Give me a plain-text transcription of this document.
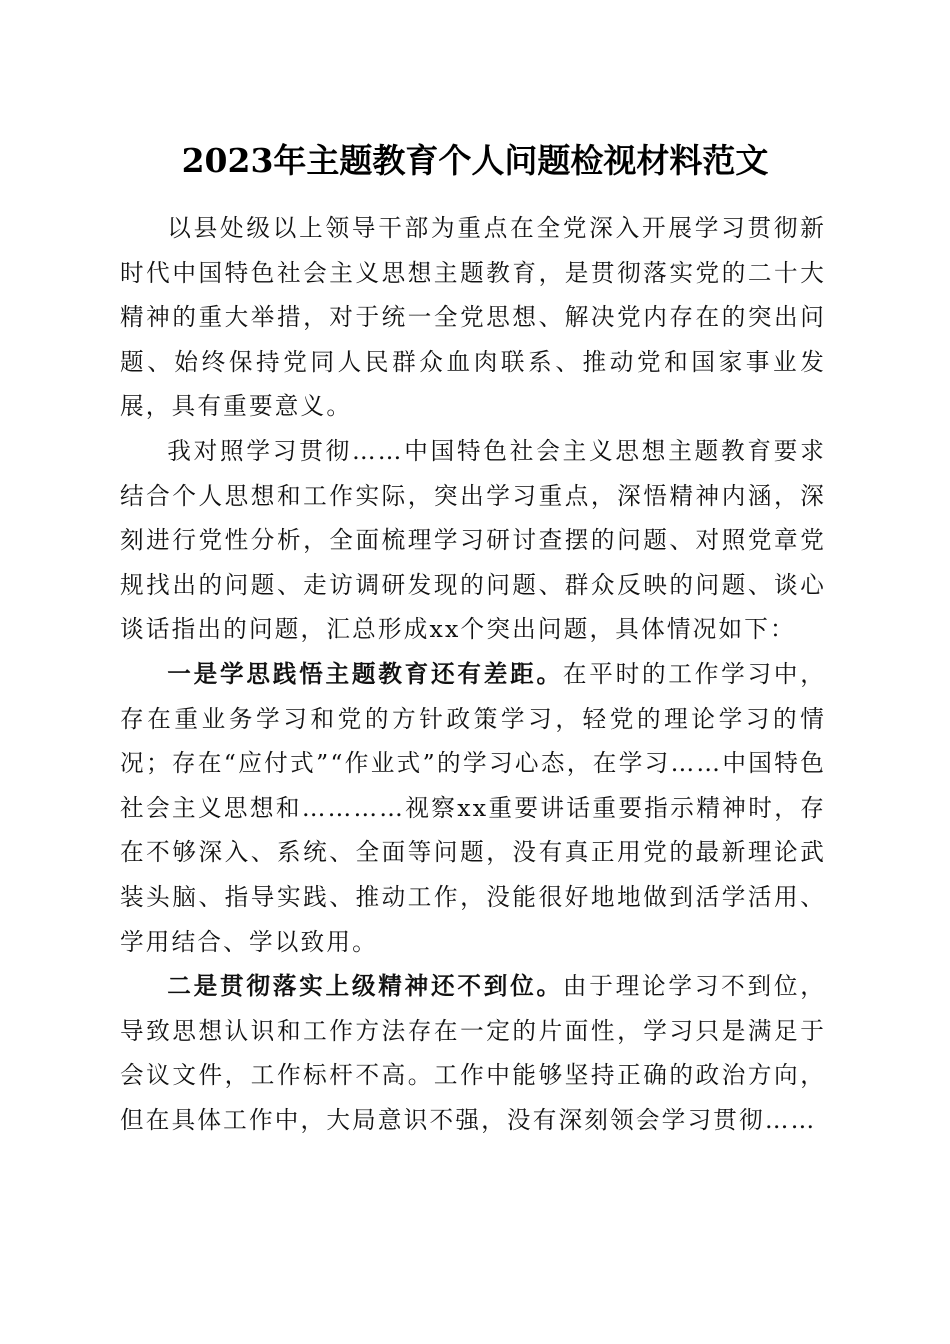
2023年主题教育个人问题检视材料范文

以县处级以上领导干部为重点在全党深入开展学习贯彻新时代中国特色社会主义思想主题教育，是贯彻落实党的二十大精神的重大举措，对于统一全党思想、解决党内存在的突出问题、始终保持党同人民群众血肉联系、推动党和国家事业发展，具有重要意义。

我对照学习贯彻……中国特色社会主义思想主题教育要求结合个人思想和工作实际，突出学习重点，深悟精神内涵，深刻进行党性分析，全面梳理学习研讨查摆的问题、对照党章党规找出的问题、走访调研发现的问题、群众反映的问题、谈心谈话指出的问题，汇总形成xx个突出问题，具体情况如下：

一是学思践悟主题教育还有差距。在平时的工作学习中，存在重业务学习和党的方针政策学习，轻党的理论学习的情况；存在“应付式”“作业式”的学习心态，在学习……中国特色社会主义思想和…………视察xx重要讲话重要指示精神时，存在不够深入、系统、全面等问题，没有真正用党的最新理论武装头脑、指导实践、推动工作，没能很好地地做到活学活用、学用结合、学以致用。

二是贯彻落实上级精神还不到位。由于理论学习不到位，导致思想认识和工作方法存在一定的片面性，学习只是满足于会议文件，工作标杆不高。工作中能够坚持正确的政治方向，但在具体工作中，大局意识不强，没有深刻领会学习贯彻……
